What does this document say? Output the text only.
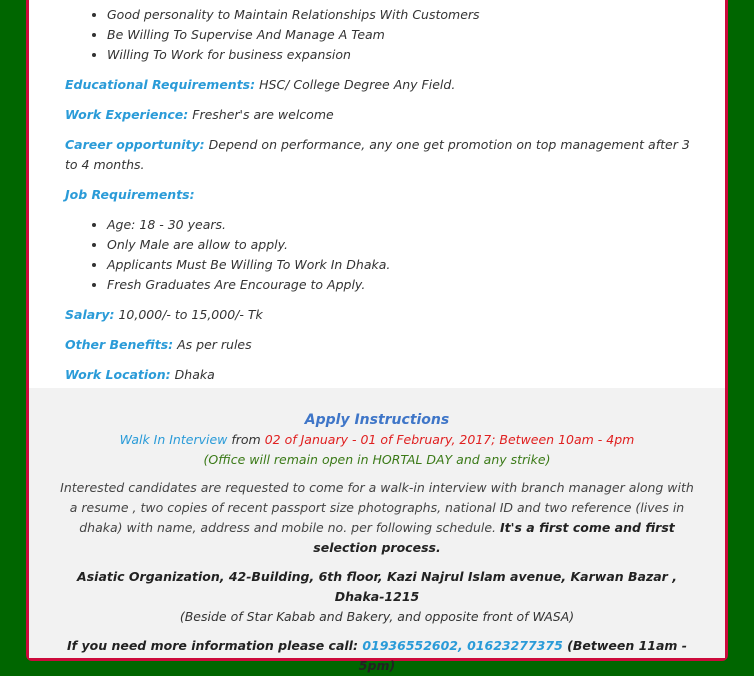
• Good personality to Maintain Relationships With Customers
• Be Willing To Supervise And Manage A Team
• Willing To Work for business expansion
Educational Requirements: HSC/ College Degree Any Field.
Work Experience: Fresher's are welcome
Career opportunity: Depend on performance, any one get promotion on top management after 3 to 4 months.
Job Requirements:
• Age: 18 - 30 years.
• Only Male are allow to apply.
• Applicants Must Be Willing To Work In Dhaka.
• Fresh Graduates Are Encourage to Apply.
Salary: 10,000/- to 15,000/- Tk
Other Benefits: As per rules
Work Location: Dhaka
Apply Instructions
Walk In Interview from 02 of January - 01 of February, 2017; Between 10am - 4pm
(Office will remain open in HORTAL DAY and any strike)
Interested candidates are requested to come for a walk-in interview with branch manager along with a resume , two copies of recent passport size photographs, national ID and two reference (lives in dhaka) with name, address and mobile no. per following schedule. It's a first come and first selection process.
Asiatic Organization, 42-Building, 6th floor, Kazi Najrul Islam avenue, Karwan Bazar , Dhaka-1215
(Beside of Star Kabab and Bakery, and opposite front of WASA)
If you need more information please call: 01936552602, 01623277375 (Between 11am - 5pm)
